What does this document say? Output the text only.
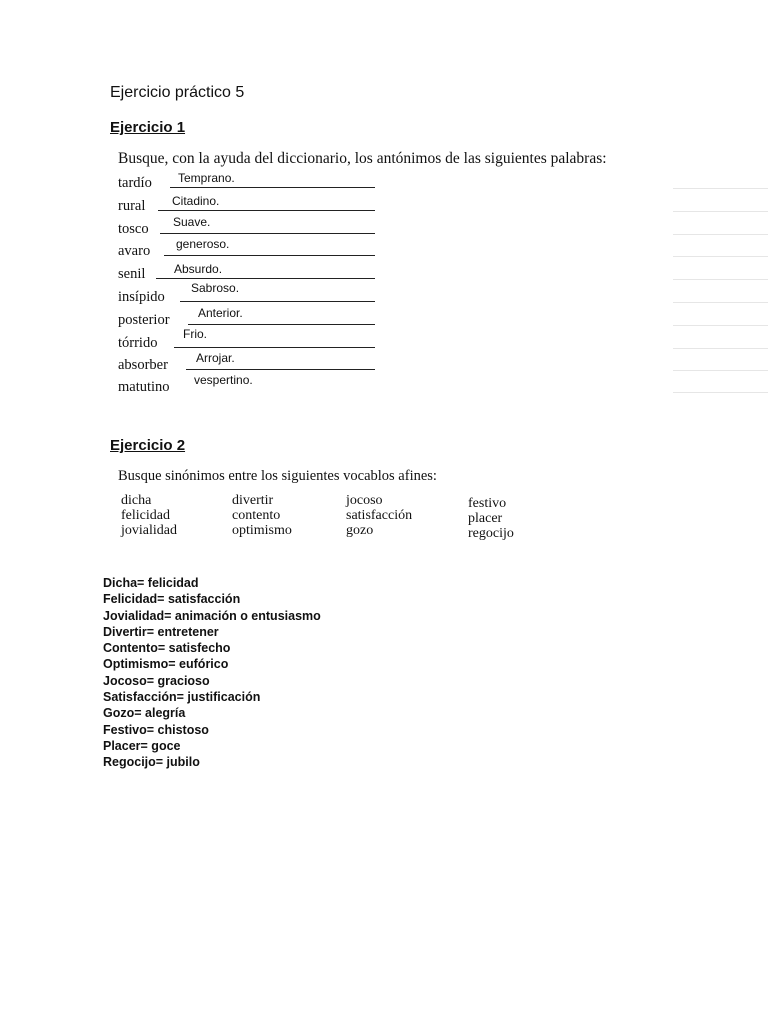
Ejercicio práctico 5
Ejercicio 1
Busque, con la ayuda del diccionario, los antónimos de las siguientes palabras:
tardío Temprano.
rural Citadino.
tosco Suave.
avaro generoso.
senil Absurdo.
insípido
Sabroso.
posterior Anterior.
tórrido
Frio.
absorber Arrojar.
matutino vespertino.
Ejercicio 2
Busque sinónimos entre los siguientes vocablos afines:
dicha
felicidad
jovialidad
divertir
contento
optimismo
jocoso
satisfacción
gozo
festivo
placer
regocijo
Dicha= felicidad
Felicidad= satisfacción
Jovialidad= animación o entusiasmo
Divertir= entretener
Contento= satisfecho
Optimismo= eufórico
Jocoso= gracioso
Satisfacción= justificación
Gozo= alegría
Festivo= chistoso
Placer= goce
Regocijo= jubilo
